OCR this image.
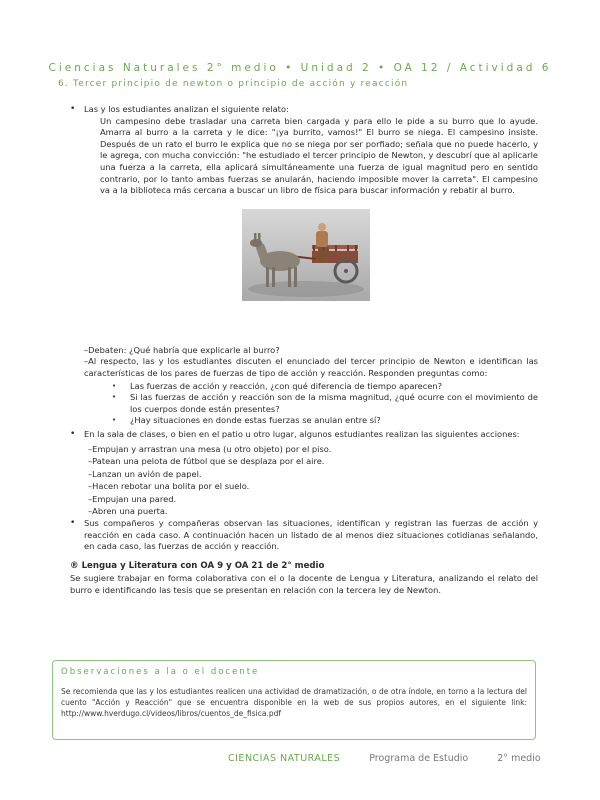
Ciencias Naturales 2° medio • Unidad 2 • OA 12 / Actividad 6
6. Tercer principio de newton o principio de acción y reacción

• Las y los estudiantes analizan el siguiente relato:

Un campesino debe trasladar una carreta bien cargada y para ello le pide a su burro que lo ayude. Amarra al burro a la carreta y le dice: "¡ya burrito, vamos!" El burro se niega. El campesino insiste. Después de un rato el burro le explica que no se niega por ser porfiado; señala que no puede hacerlo, y le agrega, con mucha convicción: "he estudiado el tercer principio de Newton, y descubrí que al aplicarle una fuerza a la carreta, ella aplicará simultáneamente una fuerza de igual magnitud pero en sentido contrario, por lo tanto ambas fuerzas se anularán, haciendo imposible mover la carreta". El campesino va a la biblioteca más cercana a buscar un libro de física para buscar información y rebatir al burro.

–Debaten: ¿Qué habría que explicarle al burro?
–Al respecto, las y los estudiantes discuten el enunciado del tercer principio de Newton e identifican las características de los pares de fuerzas de tipo de acción y reacción. Responden preguntas como:
• Las fuerzas de acción y reacción, ¿con qué diferencia de tiempo aparecen?
• Si las fuerzas de acción y reacción son de la misma magnitud, ¿qué ocurre con el movimiento de los cuerpos donde están presentes?
• ¿Hay situaciones en donde estas fuerzas se anulan entre sí?

• En la sala de clases, o bien en el patio u otro lugar, algunos estudiantes realizan las siguientes acciones:

–Empujan y arrastran una mesa (u otro objeto) por el piso.
–Patean una pelota de fútbol que se desplaza por el aire.
–Lanzan un avión de papel.
–Hacen rebotar una bolita por el suelo.
–Empujan una pared.
–Abren una puerta.

• Sus compañeros y compañeras observan las situaciones, identifican y registran las fuerzas de acción y reacción en cada caso. A continuación hacen un listado de al menos diez situaciones cotidianas señalando, en cada caso, las fuerzas de acción y reacción.

® Lengua y Literatura con OA 9 y OA 21 de 2° medio

Se sugiere trabajar en forma colaborativa con el o la docente de Lengua y Literatura, analizando el relato del burro e identificando las tesis que se presentan en relación con la tercera ley de Newton.

Observaciones a la o el docente
Se recomienda que las y los estudiantes realicen una actividad de dramatización, o de otra índole, en torno a la lectura del cuento "Acción y Reacción" que se encuentra disponible en la web de sus propios autores, en el siguiente link: http://www.hverdugo.cl/videos/libros/cuentos_de_fisica.pdf
CIENCIAS NATURALES	Programa de Estudio	2° medio
